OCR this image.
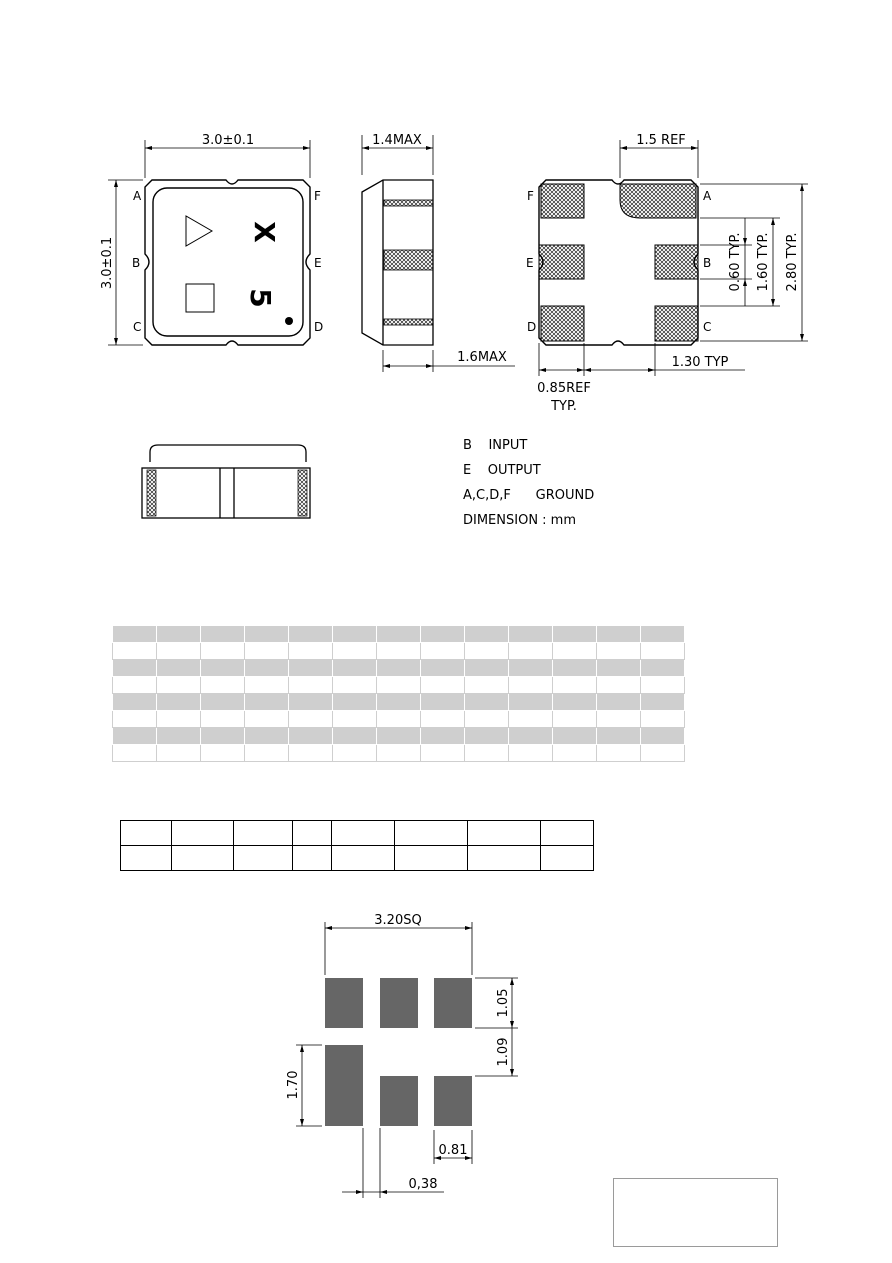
X
5
3.0±0.1
3.0±0.1
A
B
C
F
E
D
1.4MAX
1.6MAX
F
E
D
A
B
C
1.5 REF
2.80 TYP.
1.60 TYP.
0.60 TYP.
1.30 TYP
0.85REF
TYP.
B    INPUT
E    OUTPUT
A,C,D,F      GROUND
DIMENSION : mm

3.20SQ
1.05
1.09
1.70
0.81
0,38
